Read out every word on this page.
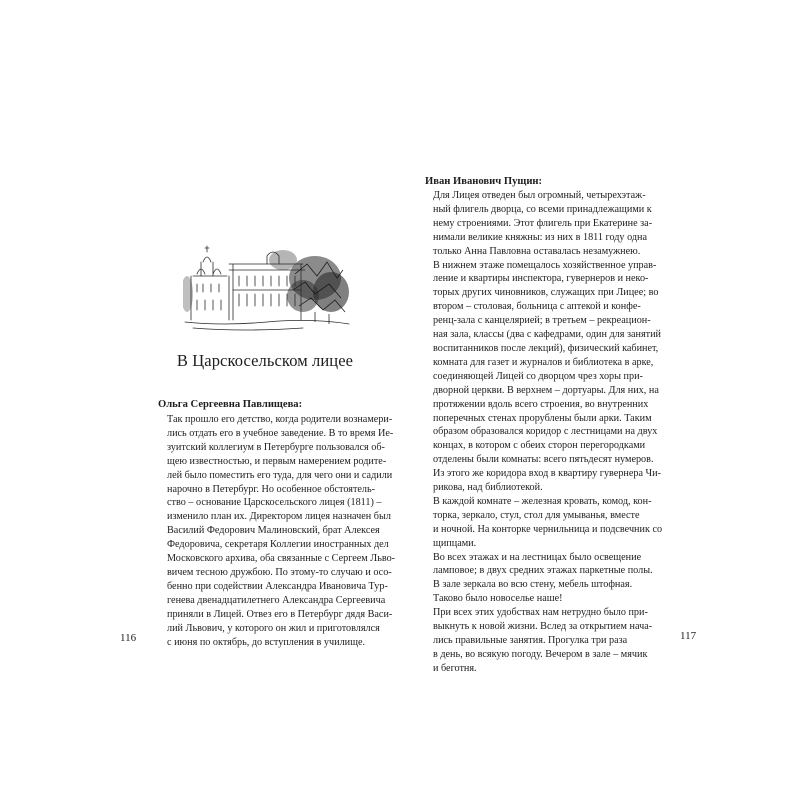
В Царскосельском лицее

Ольга Сергеевна Павлищева:

Так прошло его детство, когда родители вознамери-
лись отдать его в учебное заведение. В то время Ие-
зуитский коллегиум в Петербурге пользовался об-
щею известностью, и первым намерением родите-
лей было поместить его туда, для чего они и садили
нарочно в Петербург. Но особенное обстоятель-
ство – основание Царскосельского лицея (1811) –
изменило план их. Директором лицея назначен был
Василий Федорович Малиновский, брат Алексея
Федоровича, секретаря Коллегии иностранных дел
Московского архива, оба связанные с Сергеем Льво-
вичем тесною дружбою. По этому-то случаю и осо-
бенно при содействии Александра Ивановича Тур-
генева двенадцатилетнего Александра Сергеевича
приняли в Лицей. Отвез его в Петербург дядя Васи-
лий Львович, у которого он жил и приготовлялся
с июня по октябрь, до вступления в училище.

116

Иван Иванович Пущин:

Для Лицея отведен был огромный, четырехэтаж-
ный флигель дворца, со всеми принадлежащими к
нему строениями. Этот флигель при Екатерине за-
нимали великие княжны: из них в 1811 году одна
только Анна Павловна оставалась незамужнею.
В нижнем этаже помещалось хозяйственное управ-
ление и квартиры инспектора, гувернеров и неко-
торых других чиновников, служащих при Лицее; во
втором – столовая, больница с аптекой и конфе-
ренц-зала с канцелярией; в третьем – рекреацион-
ная зала, классы (два с кафедрами, один для занятий
воспитанников после лекций), физический кабинет,
комната для газет и журналов и библиотека в арке,
соединяющей Лицей со дворцом чрез хоры при-
дворной церкви. В верхнем – дортуары. Для них, на
протяжении вдоль всего строения, во внутренних
поперечных стенах прорублены были арки. Таким
образом образовался коридор с лестницами на двух
концах, в котором с обеих сторон перегородками
отделены были комнаты: всего пятьдесят нумеров.
Из этого же коридора вход в квартиру гувернера Чи-
рикова, над библиотекой.
В каждой комнате – железная кровать, комод, кон-
торка, зеркало, стул, стол для умыванья, вместе
и ночной. На конторке чернильница и подсвечник со
щипцами.
Во всех этажах и на лестницах было освещение
ламповое; в двух средних этажах паркетные полы.
В зале зеркала во всю стену, мебель штофная.
Таково было новоселье наше!
При всех этих удобствах нам нетрудно было при-
выкнуть к новой жизни. Вслед за открытием нача-
лись правильные занятия. Прогулка три раза
в день, во всякую погоду. Вечером в зале – мячик
и беготня.

117
